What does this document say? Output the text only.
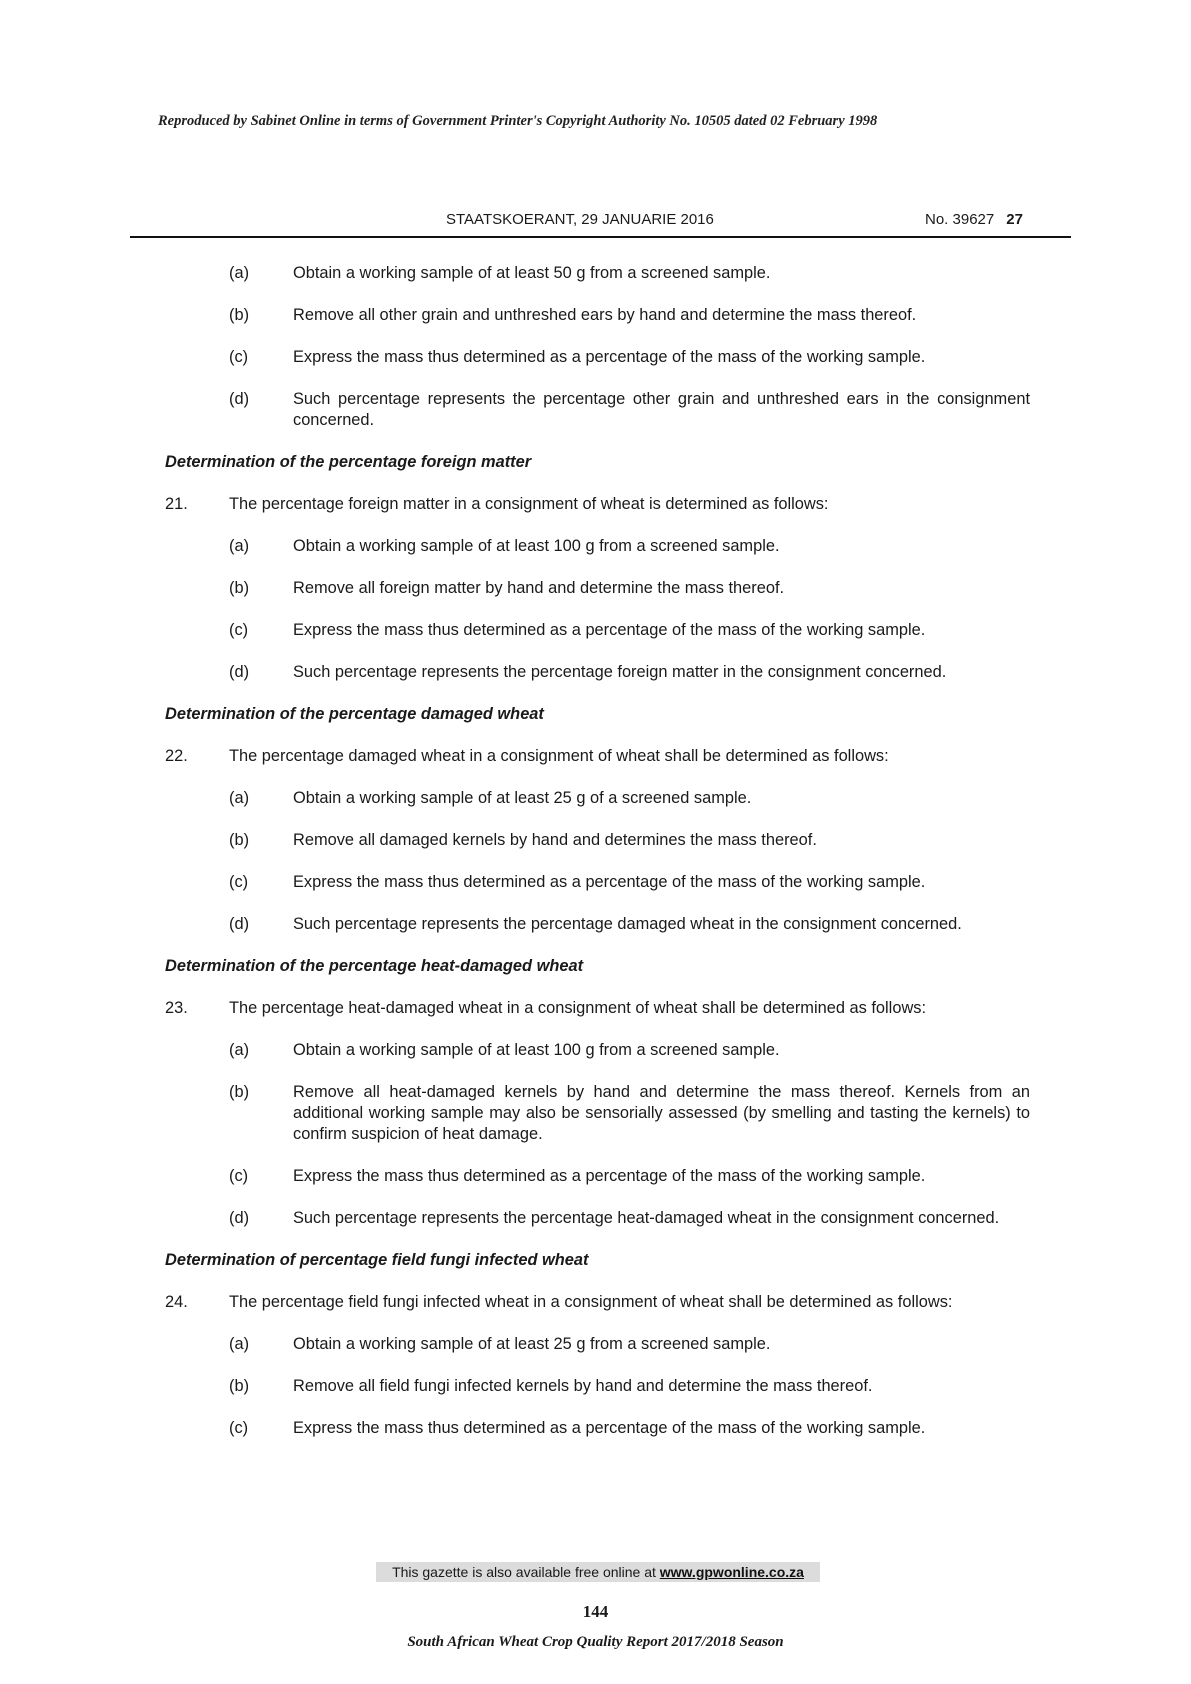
Reproduced by Sabinet Online in terms of Government Printer's Copyright Authority No. 10505 dated 02 February 1998
STAATSKOERANT, 29 JANUARIE 2016	No. 39627 27
(a)	Obtain a working sample of at least 50 g from a screened sample.
(b)	Remove all other grain and unthreshed ears by hand and determine the mass thereof.
(c)	Express the mass thus determined as a percentage of the mass of the working sample.
(d)	Such percentage represents the percentage other grain and unthreshed ears in the consignment concerned.
Determination of the percentage foreign matter
21.	The percentage foreign matter in a consignment of wheat is determined as follows:
(a)	Obtain a working sample of at least 100 g from a screened sample.
(b)	Remove all foreign matter by hand and determine the mass thereof.
(c)	Express the mass thus determined as a percentage of the mass of the working sample.
(d)	Such percentage represents the percentage foreign matter in the consignment concerned.
Determination of the percentage damaged wheat
22.	The percentage damaged wheat in a consignment of wheat shall be determined as follows:
(a)	Obtain a working sample of at least 25 g of a screened sample.
(b)	Remove all damaged kernels by hand and determines the mass thereof.
(c)	Express the mass thus determined as a percentage of the mass of the working sample.
(d)	Such percentage represents the percentage damaged wheat in the consignment concerned.
Determination of the percentage heat-damaged wheat
23.	The percentage heat-damaged wheat in a consignment of wheat shall be determined as follows:
(a)	Obtain a working sample of at least 100 g from a screened sample.
(b)	Remove all heat-damaged kernels by hand and determine the mass thereof. Kernels from an additional working sample may also be sensorially assessed (by smelling and tasting the kernels) to confirm suspicion of heat damage.
(c)	Express the mass thus determined as a percentage of the mass of the working sample.
(d)	Such percentage represents the percentage heat-damaged wheat in the consignment concerned.
Determination of percentage field fungi infected wheat
24.	The percentage field fungi infected wheat in a consignment of wheat shall be determined as follows:
(a)	Obtain a working sample of at least 25 g from a screened sample.
(b)	Remove all field fungi infected kernels by hand and determine the mass thereof.
(c)	Express the mass thus determined as a percentage of the mass of the working sample.
This gazette is also available free online at www.gpwonline.co.za
144
South African Wheat Crop Quality Report 2017/2018 Season
